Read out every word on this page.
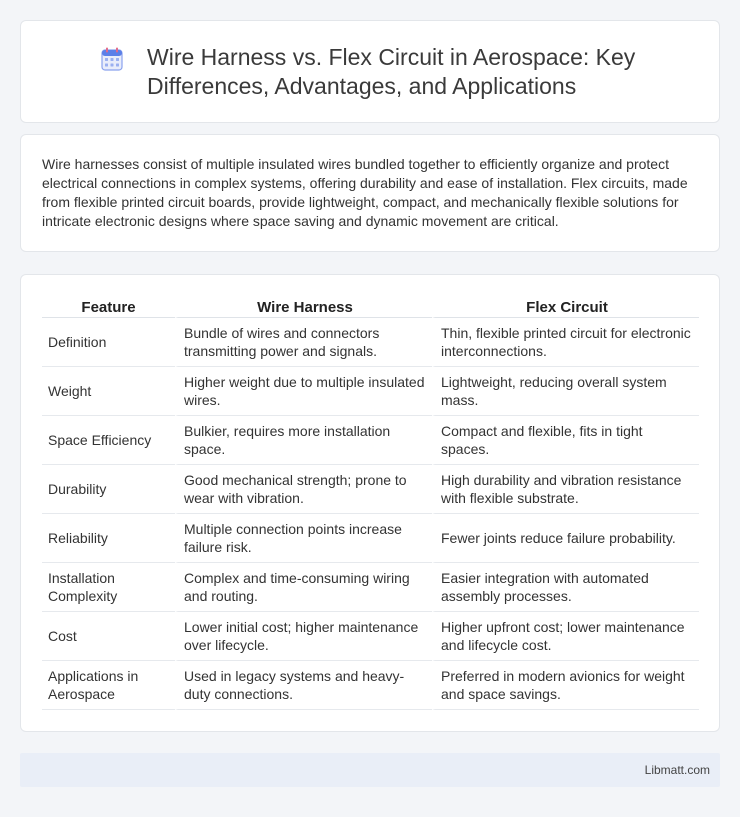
Wire Harness vs. Flex Circuit in Aerospace: Key Differences, Advantages, and Applications

Wire harnesses consist of multiple insulated wires bundled together to efficiently organize and protect electrical connections in complex systems, offering durability and ease of installation. Flex circuits, made from flexible printed circuit boards, provide lightweight, compact, and mechanically flexible solutions for intricate electronic designs where space saving and dynamic movement are critical.

Feature	Wire Harness	Flex Circuit
Definition	Bundle of wires and connectors transmitting power and signals.	Thin, flexible printed circuit for electronic interconnections.
Weight	Higher weight due to multiple insulated wires.	Lightweight, reducing overall system mass.
Space Efficiency	Bulkier, requires more installation space.	Compact and flexible, fits in tight spaces.
Durability	Good mechanical strength; prone to wear with vibration.	High durability and vibration resistance with flexible substrate.
Reliability	Multiple connection points increase failure risk.	Fewer joints reduce failure probability.
Installation Complexity	Complex and time-consuming wiring and routing.	Easier integration with automated assembly processes.
Cost	Lower initial cost; higher maintenance over lifecycle.	Higher upfront cost; lower maintenance and lifecycle cost.
Applications in Aerospace	Used in legacy systems and heavy-duty connections.	Preferred in modern avionics for weight and space savings.
Libmatt.com
